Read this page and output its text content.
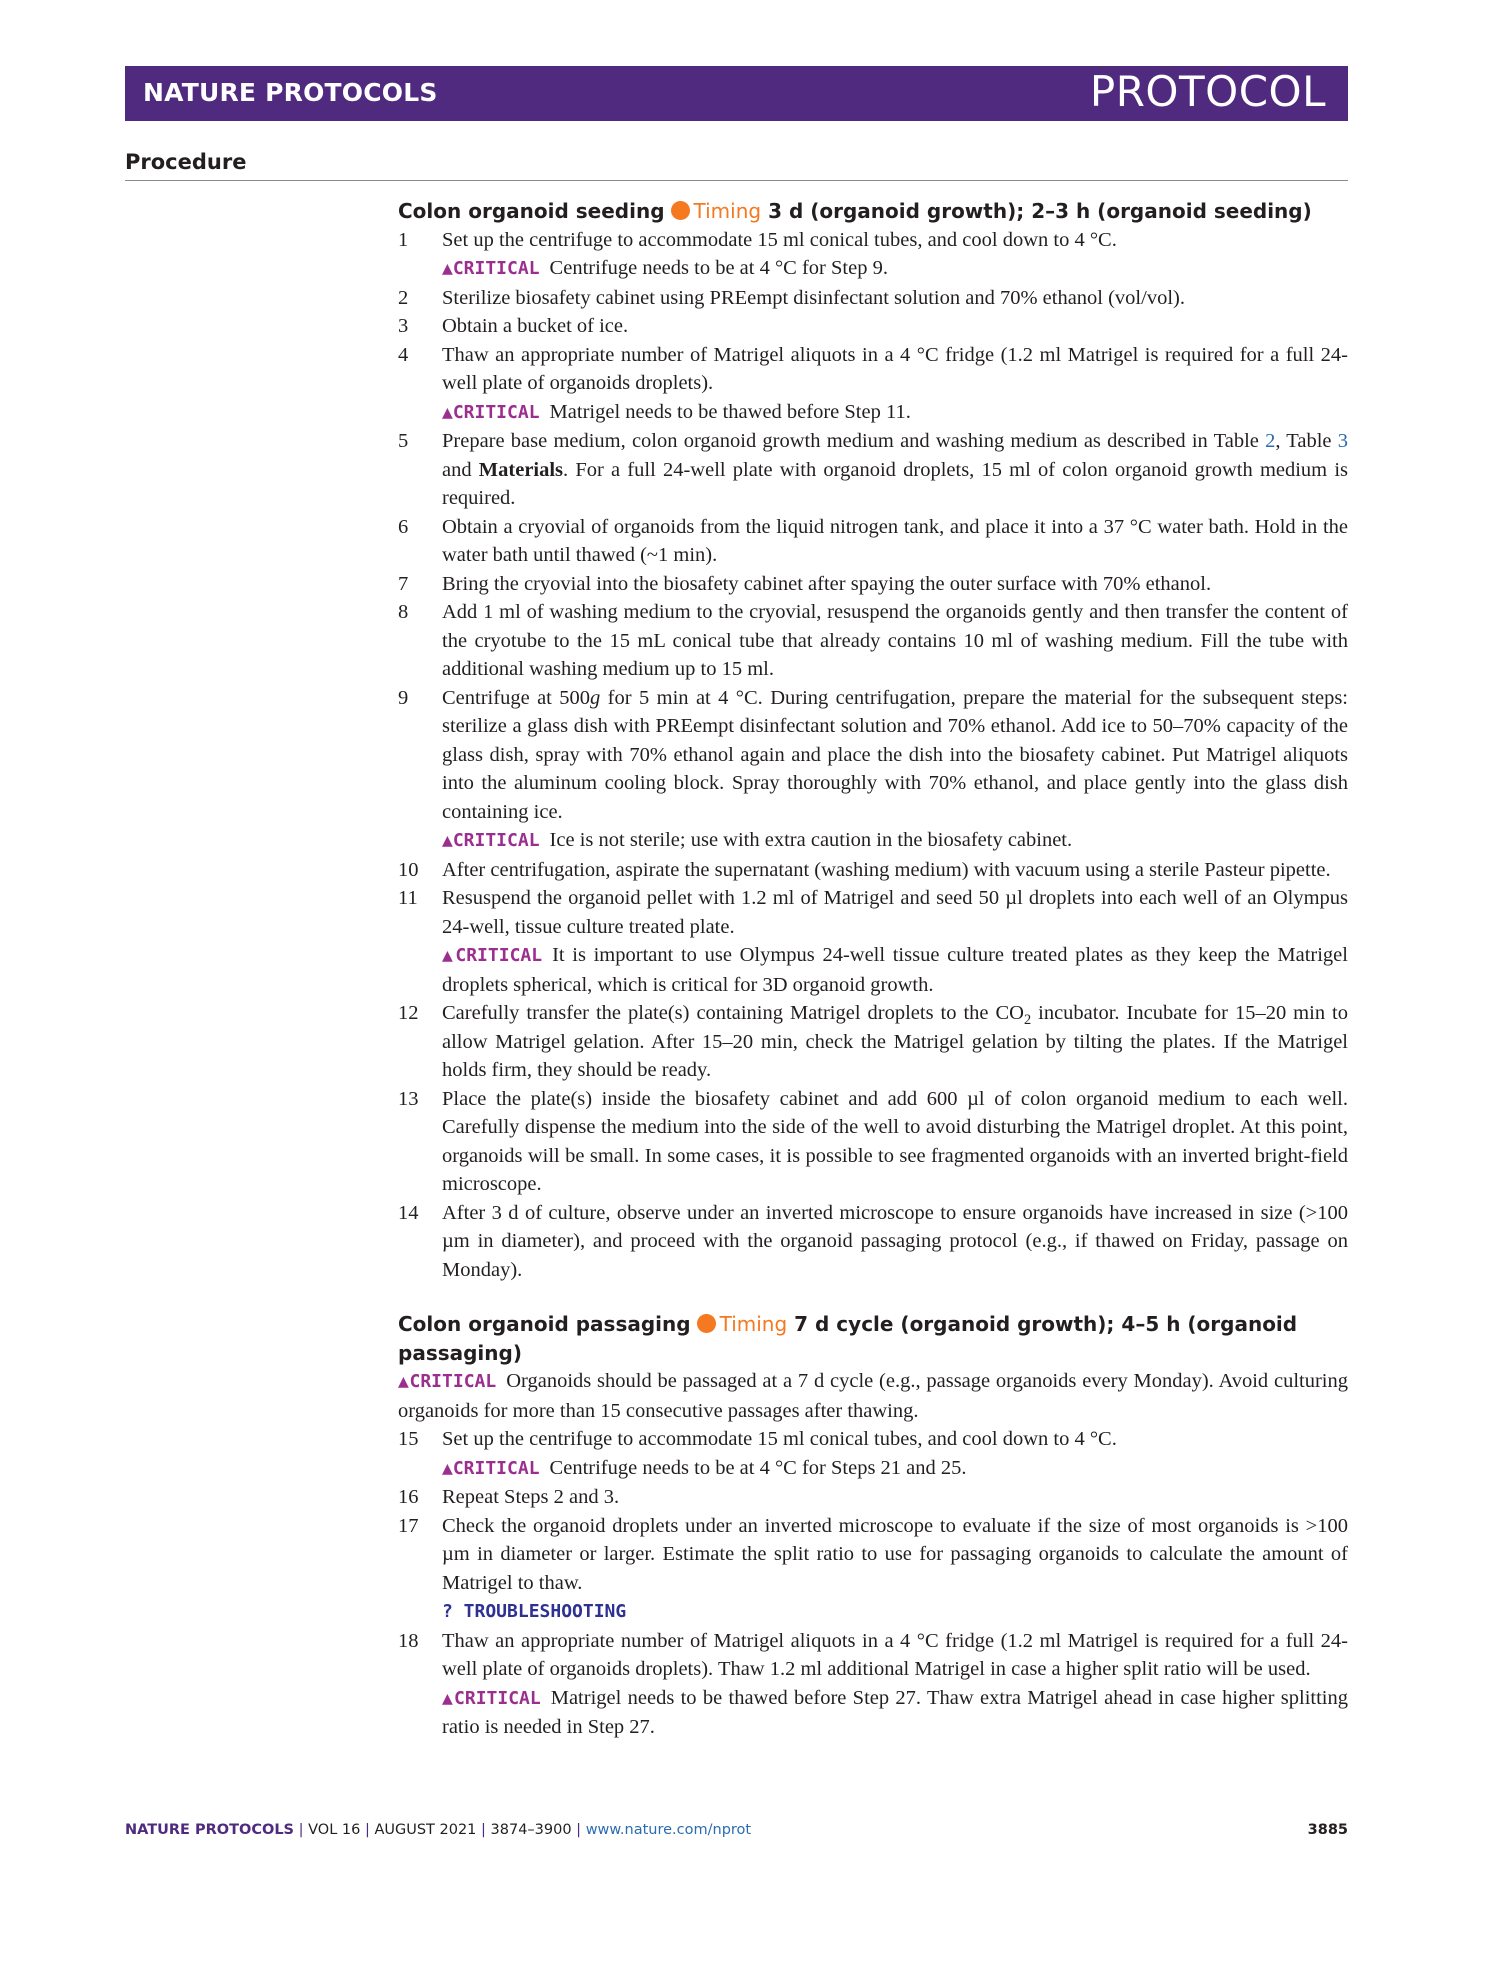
NATURE PROTOCOLS	PROTOCOL
Procedure
Colon organoid seeding Timing 3 d (organoid growth); 2–3 h (organoid seeding)
1 Set up the centrifuge to accommodate 15 ml conical tubes, and cool down to 4 °C.
▲CRITICAL Centrifuge needs to be at 4 °C for Step 9.
2 Sterilize biosafety cabinet using PREempt disinfectant solution and 70% ethanol (vol/vol).
3 Obtain a bucket of ice.
4 Thaw an appropriate number of Matrigel aliquots in a 4 °C fridge (1.2 ml Matrigel is required for a full 24-well plate of organoids droplets).
▲CRITICAL Matrigel needs to be thawed before Step 11.
5 Prepare base medium, colon organoid growth medium and washing medium as described in Table 2, Table 3 and Materials. For a full 24-well plate with organoid droplets, 15 ml of colon organoid growth medium is required.
6 Obtain a cryovial of organoids from the liquid nitrogen tank, and place it into a 37 °C water bath. Hold in the water bath until thawed (~1 min).
7 Bring the cryovial into the biosafety cabinet after spaying the outer surface with 70% ethanol.
8 Add 1 ml of washing medium to the cryovial, resuspend the organoids gently and then transfer the content of the cryotube to the 15 mL conical tube that already contains 10 ml of washing medium. Fill the tube with additional washing medium up to 15 ml.
9 Centrifuge at 500g for 5 min at 4 °C. During centrifugation, prepare the material for the subsequent steps: sterilize a glass dish with PREempt disinfectant solution and 70% ethanol. Add ice to 50–70% capacity of the glass dish, spray with 70% ethanol again and place the dish into the biosafety cabinet. Put Matrigel aliquots into the aluminum cooling block. Spray thoroughly with 70% ethanol, and place gently into the glass dish containing ice.
▲CRITICAL Ice is not sterile; use with extra caution in the biosafety cabinet.
10 After centrifugation, aspirate the supernatant (washing medium) with vacuum using a sterile Pasteur pipette.
11 Resuspend the organoid pellet with 1.2 ml of Matrigel and seed 50 µl droplets into each well of an Olympus 24-well, tissue culture treated plate.
▲CRITICAL It is important to use Olympus 24-well tissue culture treated plates as they keep the Matrigel droplets spherical, which is critical for 3D organoid growth.
12 Carefully transfer the plate(s) containing Matrigel droplets to the $CO_2$ incubator. Incubate for 15–20 min to allow Matrigel gelation. After 15–20 min, check the Matrigel gelation by tilting the plates. If the Matrigel holds firm, they should be ready.
13 Place the plate(s) inside the biosafety cabinet and add 600 µl of colon organoid medium to each well. Carefully dispense the medium into the side of the well to avoid disturbing the Matrigel droplet. At this point, organoids will be small. In some cases, it is possible to see fragmented organoids with an inverted bright-field microscope.
14 After 3 d of culture, observe under an inverted microscope to ensure organoids have increased in size (>100 µm in diameter), and proceed with the organoid passaging protocol (e.g., if thawed on Friday, passage on Monday).
Colon organoid passaging Timing 7 d cycle (organoid growth); 4–5 h (organoid passaging)
▲CRITICAL Organoids should be passaged at a 7 d cycle (e.g., passage organoids every Monday). Avoid culturing organoids for more than 15 consecutive passages after thawing.
15 Set up the centrifuge to accommodate 15 ml conical tubes, and cool down to 4 °C.
▲CRITICAL Centrifuge needs to be at 4 °C for Steps 21 and 25.
16 Repeat Steps 2 and 3.
17 Check the organoid droplets under an inverted microscope to evaluate if the size of most organoids is >100 µm in diameter or larger. Estimate the split ratio to use for passaging organoids to calculate the amount of Matrigel to thaw.
? TROUBLESHOOTING
18 Thaw an appropriate number of Matrigel aliquots in a 4 °C fridge (1.2 ml Matrigel is required for a full 24-well plate of organoids droplets). Thaw 1.2 ml additional Matrigel in case a higher split ratio will be used.
▲CRITICAL Matrigel needs to be thawed before Step 27. Thaw extra Matrigel ahead in case higher splitting ratio is needed in Step 27.
NATURE PROTOCOLS | VOL 16 | AUGUST 2021 | 3874–3900 | www.nature.com/nprot	3885
